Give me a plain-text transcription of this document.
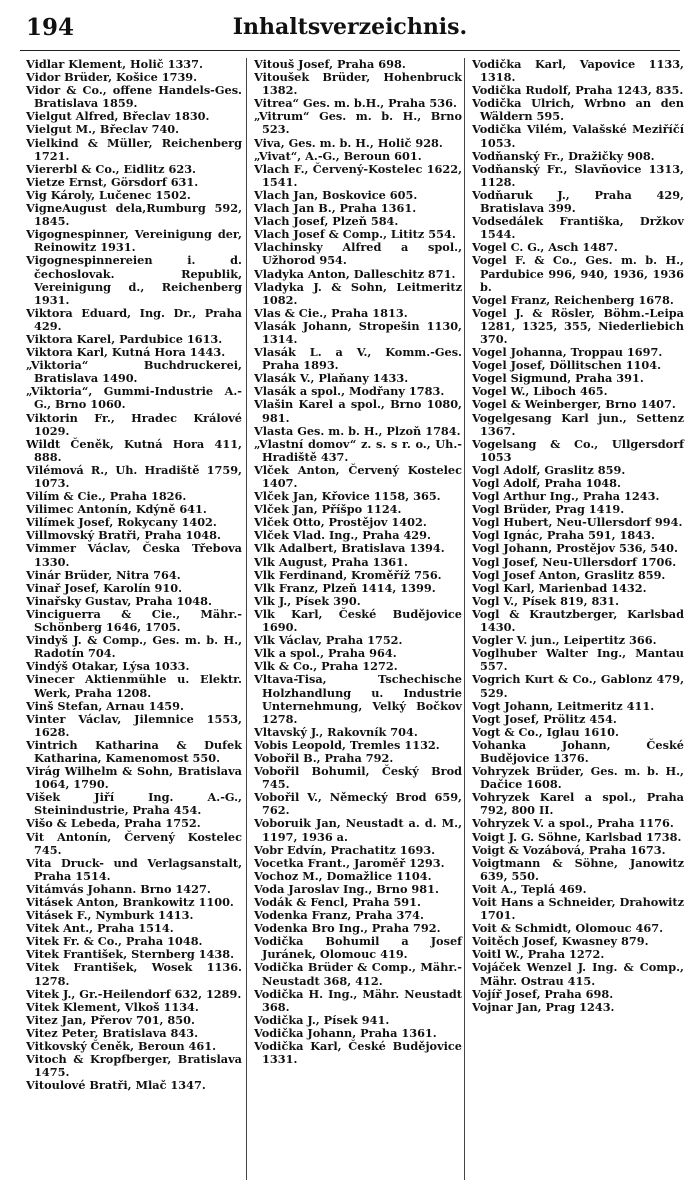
194	Inhaltsverzeichnis.

Vidlar Klement, Holič 1337.

Vidor Brüder, Košice 1739.

Vidor & Co., offene Handels-Ges. Bratislava 1859.

Vielgut Alfred, Břeclav 1830.

Vielgut M., Břeclav 740.

Vielkind & Müller, Reichenberg 1721.

Viererbl & Co., Eidlitz 623.

Vietze Ernst, Görsdorf 631.

Vig Károly, Lučenec 1502.

VigneAugust dela,Rumburg 592, 1845.

Vigognespinner, Vereinigung der, Reinowitz 1931.

Vigognespinnereien i. d. čechoslovak. Republik, Vereinigung d., Reichenberg 1931.

Viktora Eduard, Ing. Dr., Praha 429.

Viktora Karel, Pardubice 1613.

Viktora Karl, Kutná Hora 1443.

„Viktoria“ Buchdruckerei, Bratislava 1490.

„Viktoria“, Gummi-Industrie A.-G., Brno 1060.

Viktorin Fr., Hradec Králové 1029.

Wildt Čeněk, Kutná Hora 411, 888.

Vilémová R., Uh. Hradiště 1759, 1073.

Vilím & Cie., Praha 1826.

Vilimec Antonín, Kdýně 641.

Vilímek Josef, Rokycany 1402.

Villmovský Bratři, Praha 1048.

Vimmer Václav, Česka Třebova 1330.

Vinár Brüder, Nitra 764.

Vinař Josef, Karolín 910.

Vinařsky Gustav, Praha 1048.

Vinciguerra & Cie., Mähr.-Schönberg 1646, 1705.

Vindyš J. & Comp., Ges. m. b. H., Radotín 704.

Vindýš Otakar, Lýsa 1033.

Vinecer Aktienmühle u. Elektr. Werk, Praha 1208.

Vinš Stefan, Arnau 1459.

Vinter Václav, Jilemnice 1553, 1628.

Vintrich Katharina & Dufek Katharina, Kamenomost 550.

Virág Wilhelm & Sohn, Bratislava 1064, 1790.

Višek Jiří Ing. A.-G., Steinindustrie, Praha 454.

Višo & Lebeda, Praha 1752.

Vit Antonín, Červený Kostelec 745.

Vita Druck- und Verlagsanstalt, Praha 1514.

Vitámvás Johann. Brno 1427.

Vitásek Anton, Brankowitz 1100.

Vitásek F., Nymburk 1413.

Vitek Ant., Praha 1514.

Vitek Fr. & Co., Praha 1048.

Vitek František, Sternberg 1438.

Vitek František, Wosek 1136. 1278.

Vitek J., Gr.-Heilendorf 632, 1289.

Vitek Klement, Vlkoš 1134.

Vitez Jan, Přerov 701, 850.

Vitez Peter, Bratislava 843.

Vitkovský Čeněk, Beroun 461.

Vitoch & Kropfberger, Bratislava 1475.

Vitoulové Bratři, Mlač 1347.

Vitouš Josef, Praha 698.

Vitoušek Brüder, Hohenbruck 1382.

Vitrea“ Ges. m. b.H., Praha 536.

„Vitrum“ Ges. m. b. H., Brno 523.

Viva, Ges. m. b. H., Holič 928.

„Vivat“, A.-G., Beroun 601.

Vlach F., Červený-Kostelec 1622, 1541.

Vlach Jan, Boskovice 605.

Vlach Jan B., Praha 1361.

Vlach Josef, Plzeň 584.

Vlach Josef & Comp., Lititz 554.

Vlachinsky Alfred a spol., Užhorod 954.

Vladyka Anton, Dalleschitz 871.

Vladyka J. & Sohn, Leitmeritz 1082.

Vlas & Cie., Praha 1813.

Vlasák Johann, Stropešin 1130, 1314.

Vlasák L. a V., Komm.-Ges. Praha 1893.

Vlasák V., Plaňany 1433.

Vlasák a spol., Modřany 1783.

Vlašin Karel a spol., Brno 1080, 981.

Vlasta Ges. m. b. H., Plzoň 1784.

„Vlastní domov“ z. s. s r. o., Uh.-Hradiště 437.

Vlček Anton, Červený Kostelec 1407.

Vlček Jan, Křovice 1158, 365.

Vlček Jan, Příšpo 1124.

Vlček Otto, Prostějov 1402.

Vlček Vlad. Ing., Praha 429.

Vlk Adalbert, Bratislava 1394.

Vlk August, Praha 1361.

Vlk Ferdinand, Kroměříž 756.

Vlk Franz, Plzeň 1414, 1399.

Vlk J., Písek 390.

Vlk Karl, České Budějovice 1690.

Vlk Václav, Praha 1752.

Vlk a spol., Praha 964.

Vlk & Co., Praha 1272.

Vltava-Tisa, Tschechische Holzhandlung u. Industrie Unternehmung, Velký Bočkov 1278.

Vltavský J., Rakovník 704.

Vobis Leopold, Tremles 1132.

Vobořil B., Praha 792.

Vobořil Bohumil, Český Brod 745.

Vobořil V., Německý Brod 659, 762.

Voboruik Jan, Neustadt a. d. M., 1197, 1936 a.

Vobr Edvín, Prachatitz 1693.

Vocetka Frant., Jaroměř 1293.

Vochoz M., Domažlice 1104.

Voda Jaroslav Ing., Brno 981.

Vodák & Fencl, Praha 591.

Vodenka Franz, Praha 374.

Vodenka Bro Ing., Praha 792.

Vodička Bohumil a Josef Juránek, Olomouc 419.

Vodička Brüder & Comp., Mähr.-Neustadt 368, 412.

Vodička H. Ing., Mähr. Neustadt 368.

Vodička J., Písek 941.

Vodička Johann, Praha 1361.

Vodička Karl, České Budějovice 1331.

Vodička Karl, Vapovice 1133, 1318.

Vodička Rudolf, Praha 1243, 835.

Vodička Ulrich, Wrbno an den Wäldern 595.

Vodička Vilém, Valašské Meziříčí 1053.

Vodňanský Fr., Dražičky 908.

Vodňanský Fr., Slavňovice 1313, 1128.

Vodňaruk J., Praha 429, Bratislava 399.

Vodsedálek Františka, Držkov 1544.

Vogel C. G., Asch 1487.

Vogel F. & Co., Ges. m. b. H., Pardubice 996, 940, 1936, 1936 b.

Vogel Franz, Reichenberg 1678.

Vogel J. & Rösler, Böhm.-Leipa 1281, 1325, 355, Niederliebich 370.

Vogel Johanna, Troppau 1697.

Vogel Josef, Döllitschen 1104.

Vogel Sigmund, Praha 391.

Vogel W., Liboch 465.

Vogel & Weinberger, Brno 1407.

Vogelgesang Karl jun., Settenz 1367.

Vogelsang & Co., Ullgersdorf 1053

Vogl Adolf, Graslitz 859.

Vogl Adolf, Praha 1048.

Vogl Arthur Ing., Praha 1243.

Vogl Brüder, Prag 1419.

Vogl Hubert, Neu-Ullersdorf 994.

Vogl Ignác, Praha 591, 1843.

Vogl Johann, Prostějov 536, 540.

Vogl Josef, Neu-Ullersdorf 1706.

Vogl Josef Anton, Graslitz 859.

Vogl Karl, Marienbad 1432.

Vogl V., Písek 819, 831.

Vogl & Krautzberger, Karlsbad 1430.

Vogler V. jun., Leipertitz 366.

Voglhuber Walter Ing., Mantau 557.

Vogrich Kurt & Co., Gablonz 479, 529.

Vogt Johann, Leitmeritz 411.

Vogt Josef, Prölitz 454.

Vogt & Co., Iglau 1610.

Vohanka Johann, České Budějovice 1376.

Vohryzek Brüder, Ges. m. b. H., Dačice 1608.

Vohryzek Karel a spol., Praha 792, 800 II.

Vohryzek V. a spol., Praha 1176.

Voigt J. G. Söhne, Karlsbad 1738.

Voigt & Vozábová, Praha 1673.

Voigtmann & Söhne, Janowitz 639, 550.

Voit A., Teplá 469.

Voit Hans a Schneider, Drahowitz 1701.

Voit & Schmidt, Olomouc 467.

Voitěch Josef, Kwasney 879.

Voitl W., Praha 1272.

Vojáček Wenzel J. Ing. & Comp., Mähr. Ostrau 415.

Vojíř Josef, Praha 698.

Vojnar Jan, Prag 1243.
